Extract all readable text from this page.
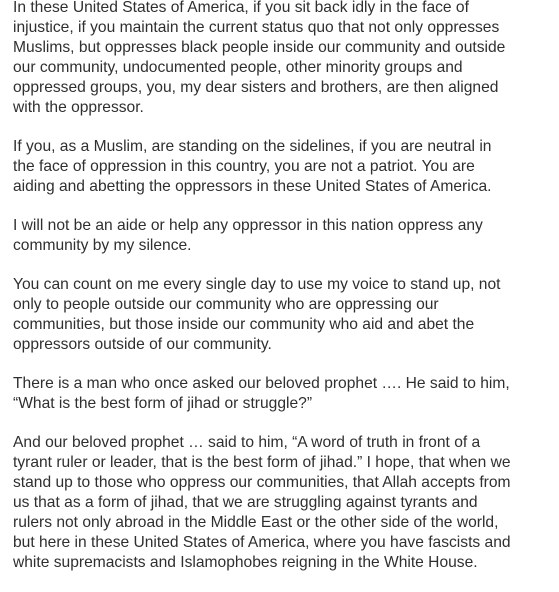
In these United States of America, if you sit back idly in the face of
injustice, if you maintain the current status quo that not only oppresses
Muslims, but oppresses black people inside our community and outside
our community, undocumented people, other minority groups and
oppressed groups, you, my dear sisters and brothers, are then aligned
with the oppressor.

If you, as a Muslim, are standing on the sidelines, if you are neutral in
the face of oppression in this country, you are not a patriot. You are
aiding and abetting the oppressors in these United States of America.

I will not be an aide or help any oppressor in this nation oppress any
community by my silence.

You can count on me every single day to use my voice to stand up, not
only to people outside our community who are oppressing our
communities, but those inside our community who aid and abet the
oppressors outside of our community.

There is a man who once asked our beloved prophet …. He said to him,
“What is the best form of jihad or struggle?”

And our beloved prophet … said to him, “A word of truth in front of a
tyrant ruler or leader, that is the best form of jihad.” I hope, that when we
stand up to those who oppress our communities, that Allah accepts from
us that as a form of jihad, that we are struggling against tyrants and
rulers not only abroad in the Middle East or the other side of the world,
but here in these United States of America, where you have fascists and
white supremacists and Islamophobes reigning in the White House.
